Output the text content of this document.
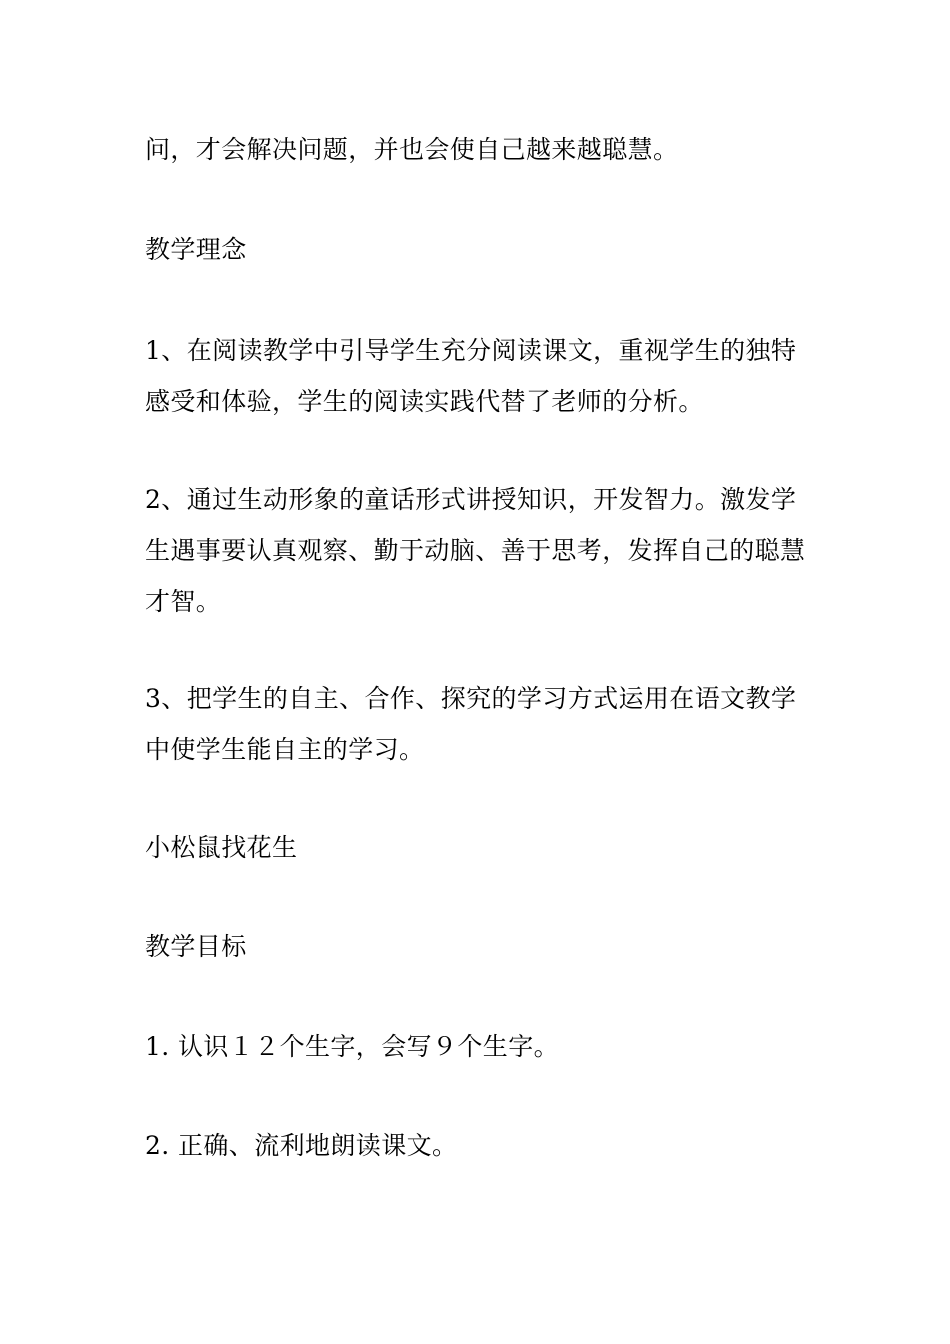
问，才会解决问题，并也会使自己越来越聪慧。

教学理念

1、在阅读教学中引导学生充分阅读课文，重视学生的独特感受和体验，学生的阅读实践代替了老师的分析。

2、通过生动形象的童话形式讲授知识，开发智力。激发学生遇事要认真观察、勤于动脑、善于思考，发挥自己的聪慧才智。

3、把学生的自主、合作、探究的学习方式运用在语文教学中使学生能自主的学习。

小松鼠找花生

教学目标

1. 认识１２个生字，会写９个生字。

2. 正确、流利地朗读课文。
